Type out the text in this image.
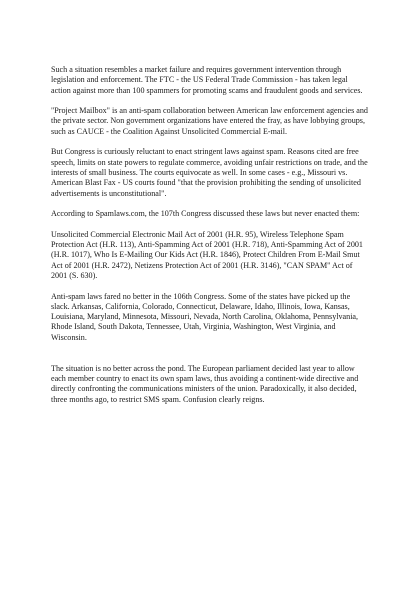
Such a situation resembles a market failure and requires government intervention through legislation and enforcement. The FTC - the US Federal Trade Commission - has taken legal action against more than 100 spammers for promoting scams and fraudulent goods and services.

"Project Mailbox" is an anti-spam collaboration between American law enforcement agencies and the private sector. Non government organizations have entered the fray, as have lobbying groups, such as CAUCE - the Coalition Against Unsolicited Commercial E-mail.

But Congress is curiously reluctant to enact stringent laws against spam. Reasons cited are free speech, limits on state powers to regulate commerce, avoiding unfair restrictions on trade, and the interests of small business. The courts equivocate as well. In some cases - e.g., Missouri vs. American Blast Fax - US courts found "that the provision prohibiting the sending of unsolicited advertisements is unconstitutional".

According to Spamlaws.com, the 107th Congress discussed these laws but never enacted them:

Unsolicited Commercial Electronic Mail Act of 2001 (H.R. 95), Wireless Telephone Spam Protection Act (H.R. 113), Anti-Spamming Act of 2001 (H.R. 718), Anti-Spamming Act of 2001 (H.R. 1017), Who Is E-Mailing Our Kids Act (H.R. 1846), Protect Children From E-Mail Smut Act of 2001 (H.R. 2472), Netizens Protection Act of 2001 (H.R. 3146), "CAN SPAM" Act of 2001 (S. 630).

Anti-spam laws fared no better in the 106th Congress. Some of the states have picked up the slack. Arkansas, California, Colorado, Connecticut, Delaware, Idaho, Illinois, Iowa, Kansas, Louisiana, Maryland, Minnesota, Missouri, Nevada, North Carolina, Oklahoma, Pennsylvania, Rhode Island, South Dakota, Tennessee, Utah, Virginia, Washington, West Virginia, and Wisconsin.

The situation is no better across the pond. The European parliament decided last year to allow each member country to enact its own spam laws, thus avoiding a continent-wide directive and directly confronting the communications ministers of the union. Paradoxically, it also decided, three months ago, to restrict SMS spam. Confusion clearly reigns.
